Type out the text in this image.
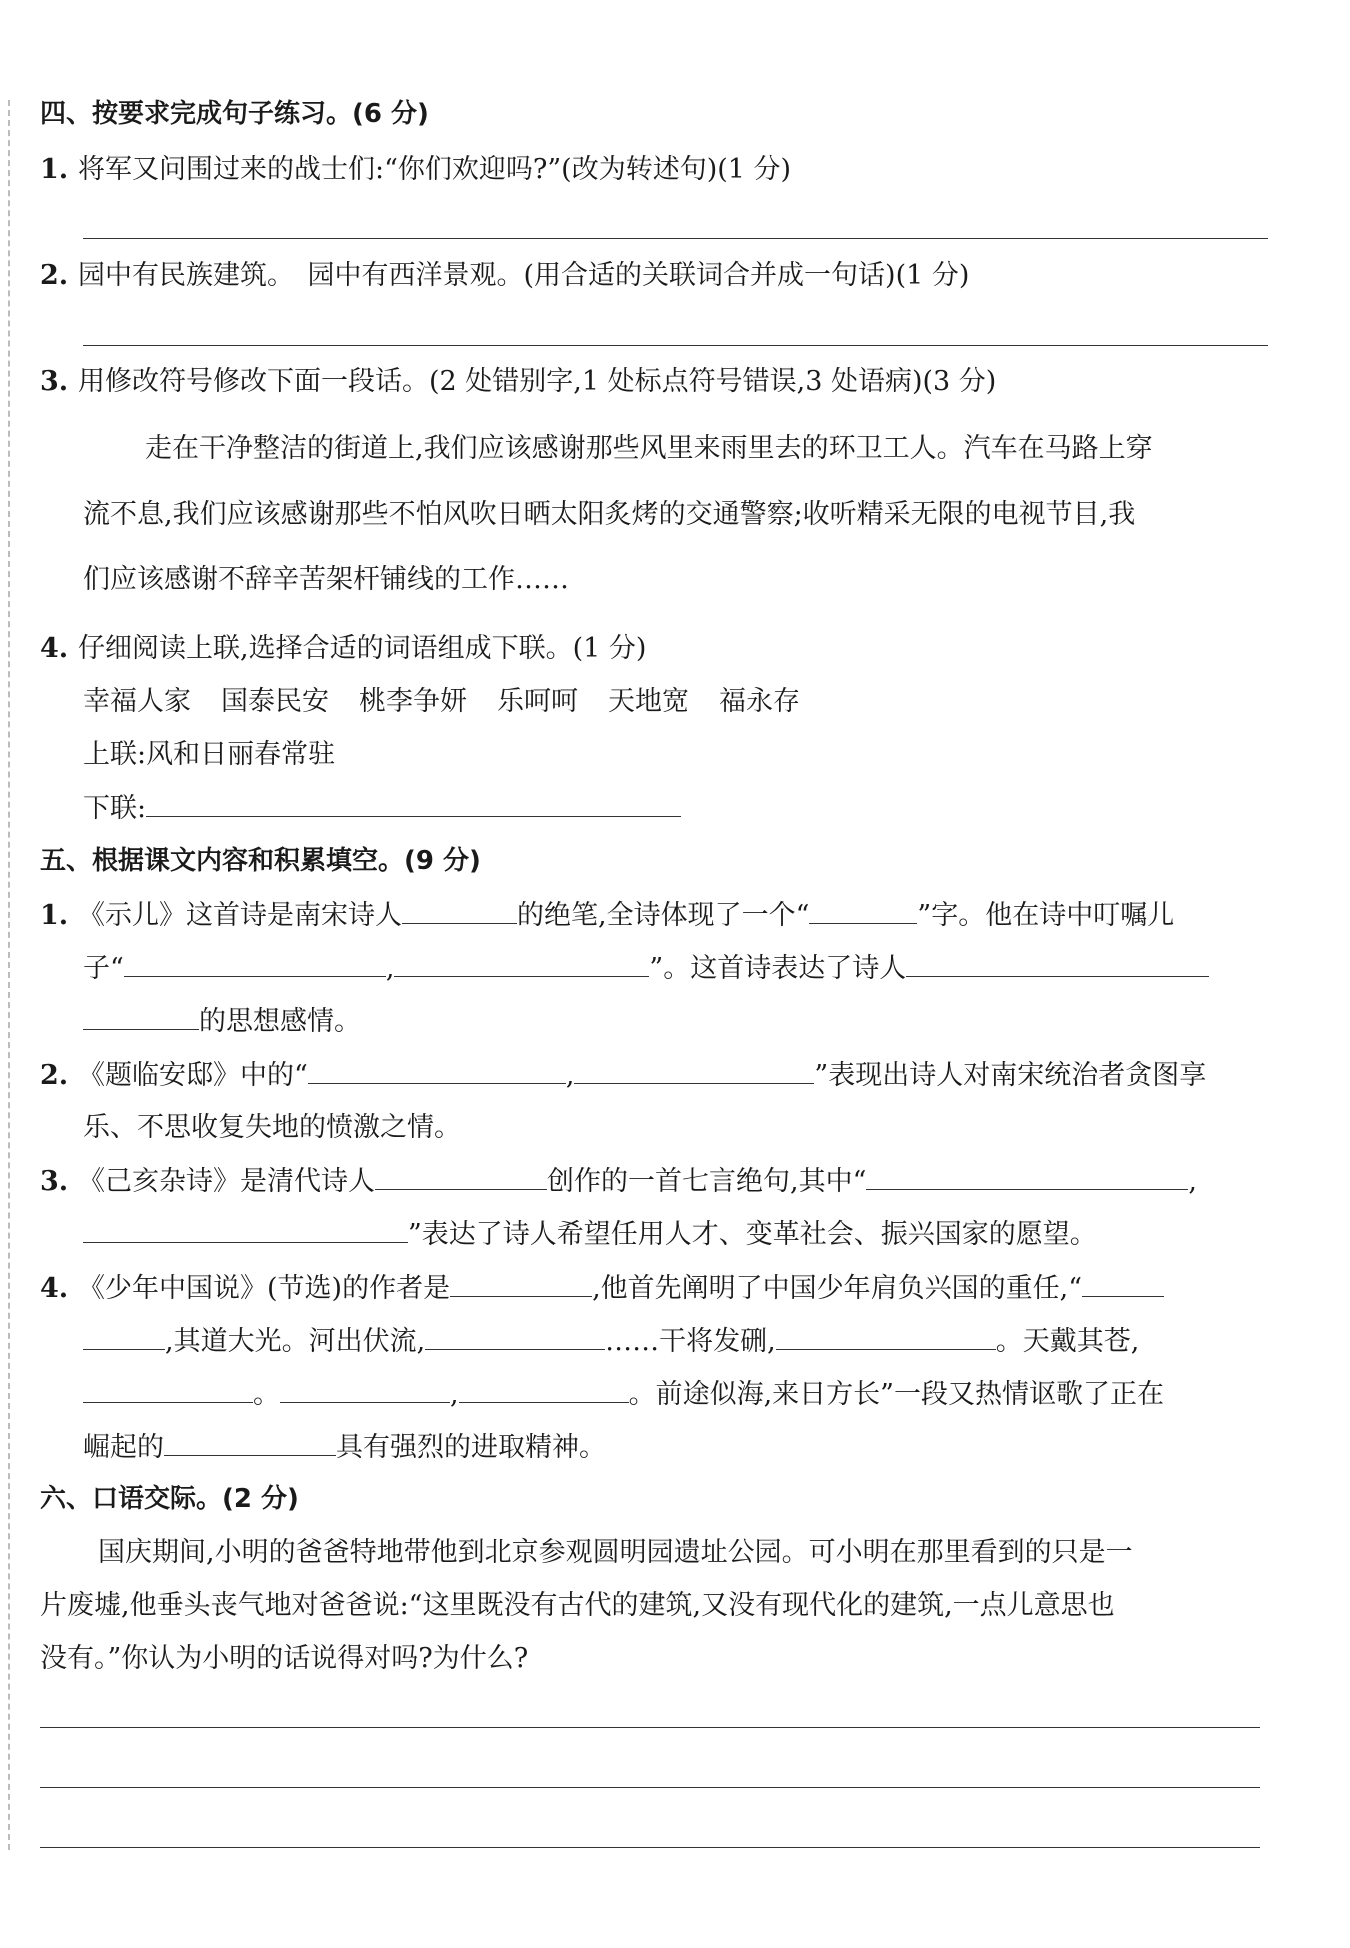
四、按要求完成句子练习。(6 分)
1. 将军又问围过来的战士们:“你们欢迎吗?”(改为转述句)(1 分)
2. 园中有民族建筑。　园中有西洋景观。(用合适的关联词合并成一句话)(1 分)
3. 用修改符号修改下面一段话。(2 处错别字,1 处标点符号错误,3 处语病)(3 分)
走在干净整洁的街道上,我们应该感谢那些风里来雨里去的环卫工人。汽车在马路上穿
流不息,我们应该感谢那些不怕风吹日晒太阳炙烤的交通警察;收听精采无限的电视节目,我
们应该感谢不辞辛苦架杆铺线的工作……
4. 仔细阅读上联,选择合适的词语组成下联。(1 分)
幸福人家 国泰民安 桃李争妍 乐呵呵 天地宽 福永存
上联:风和日丽春常驻
下联:
五、根据课文内容和积累填空。(9 分)
1. 《示儿》这首诗是南宋诗人	的绝笔,全诗体现了一个“	”字。他在诗中叮嘱儿
子“	,	”。这首诗表达了诗人
的思想感情。
2. 《题临安邸》中的“	,	”表现出诗人对南宋统治者贪图享
乐、不思收复失地的愤激之情。
3. 《己亥杂诗》是清代诗人	创作的一首七言绝句,其中“	,
”表达了诗人希望任用人才、变革社会、振兴国家的愿望。
4. 《少年中国说》(节选)的作者是	,他首先阐明了中国少年肩负兴国的重任,“
,其道大光。河出伏流,	……干将发硎,	。天戴其苍,
。	,	。前途似海,来日方长”一段又热情讴歌了正在
崛起的	具有强烈的进取精神。
六、口语交际。(2 分)
国庆期间,小明的爸爸特地带他到北京参观圆明园遗址公园。可小明在那里看到的只是一
片废墟,他垂头丧气地对爸爸说:“这里既没有古代的建筑,又没有现代化的建筑,一点儿意思也
没有。”你认为小明的话说得对吗?为什么?
